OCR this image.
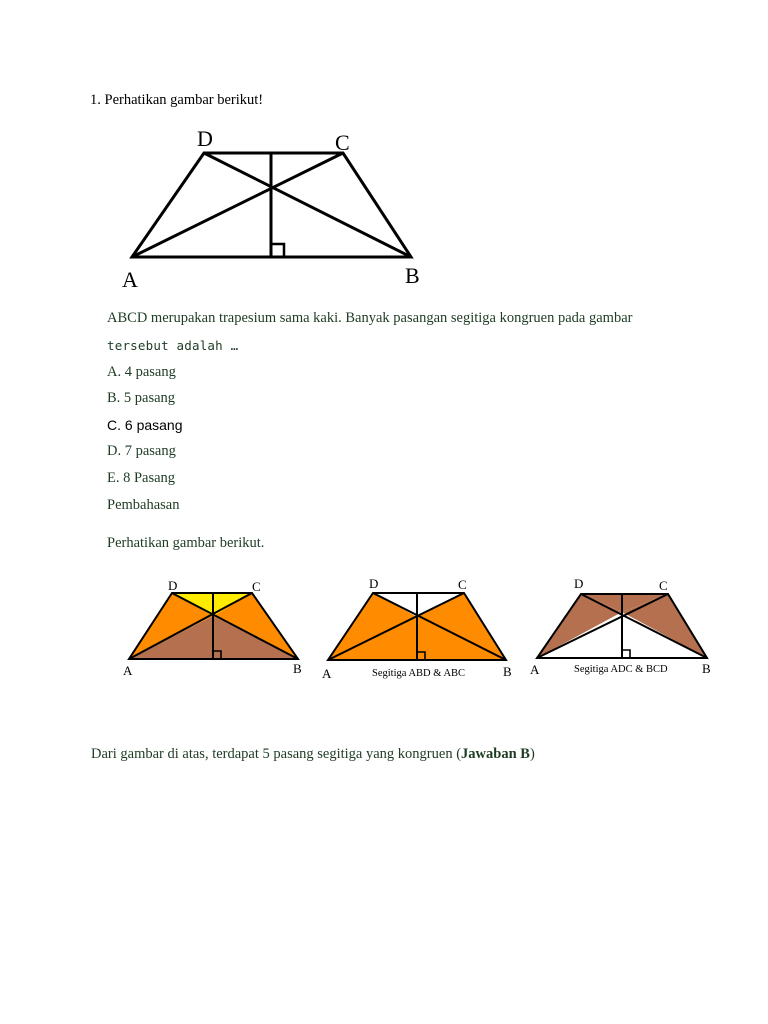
1. Perhatikan gambar berikut!
D	C
A	B
ABCD merupakan trapesium sama kaki. Banyak pasangan segitiga kongruen pada gambar
tersebut adalah …
A. 4 pasang
B. 5 pasang
C. 6 pasang
D. 7 pasang
E. 8 Pasang
Pembahasan
Perhatikan gambar berikut.
D	C
A	B
D	C
A	B
Segitiga ABD & ABC
D	C
A	B
Segitiga ADC & BCD
Dari gambar di atas, terdapat 5 pasang segitiga yang kongruen (Jawaban B)
